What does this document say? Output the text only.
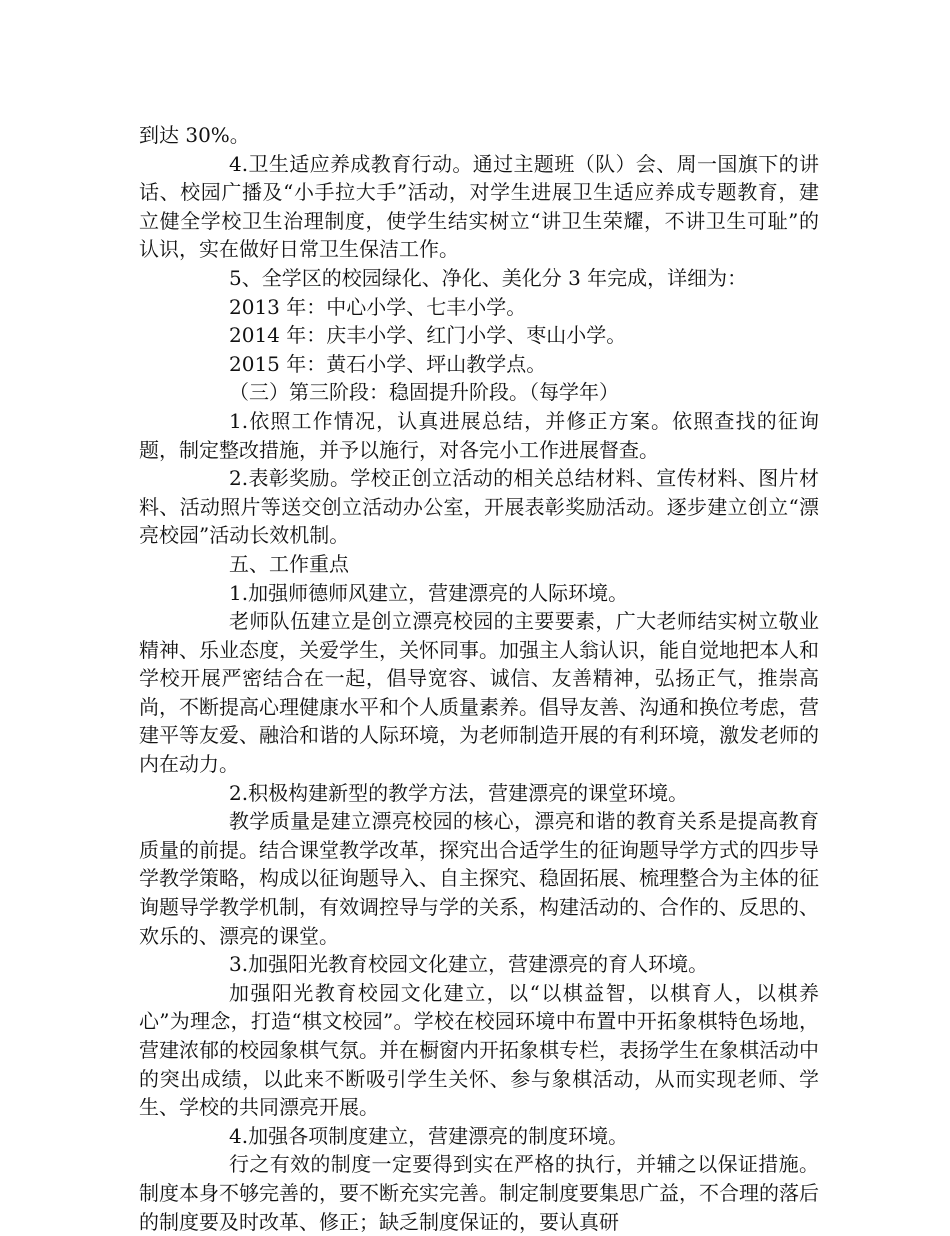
到达 30%。

4.卫生适应养成教育行动。通过主题班（队）会、周一国旗下的讲话、校园广播及“小手拉大手”活动，对学生进展卫生适应养成专题教育，建立健全学校卫生治理制度，使学生结实树立“讲卫生荣耀，不讲卫生可耻”的认识，实在做好日常卫生保洁工作。

5、全学区的校园绿化、净化、美化分 3 年完成，详细为：

2013 年：中心小学、七丰小学。

2014 年：庆丰小学、红门小学、枣山小学。

2015 年：黄石小学、坪山教学点。

（三）第三阶段：稳固提升阶段。（每学年）

1.依照工作情况，认真进展总结，并修正方案。依照查找的征询题，制定整改措施，并予以施行，对各完小工作进展督查。

2.表彰奖励。学校正创立活动的相关总结材料、宣传材料、图片材料、活动照片等送交创立活动办公室，开展表彰奖励活动。逐步建立创立“漂亮校园”活动长效机制。

五、工作重点

1.加强师德师风建立，营建漂亮的人际环境。

老师队伍建立是创立漂亮校园的主要要素，广大老师结实树立敬业精神、乐业态度，关爱学生，关怀同事。加强主人翁认识，能自觉地把本人和学校开展严密结合在一起，倡导宽容、诚信、友善精神，弘扬正气，推崇高尚，不断提高心理健康水平和个人质量素养。倡导友善、沟通和换位考虑，营建平等友爱、融洽和谐的人际环境，为老师制造开展的有利环境，激发老师的内在动力。

2.积极构建新型的教学方法，营建漂亮的课堂环境。

教学质量是建立漂亮校园的核心，漂亮和谐的教育关系是提高教育质量的前提。结合课堂教学改革，探究出合适学生的征询题导学方式的四步导学教学策略，构成以征询题导入、自主探究、稳固拓展、梳理整合为主体的征询题导学教学机制，有效调控导与学的关系，构建活动的、合作的、反思的、欢乐的、漂亮的课堂。

3.加强阳光教育校园文化建立，营建漂亮的育人环境。

加强阳光教育校园文化建立，以“以棋益智，以棋育人，以棋养心”为理念，打造“棋文校园”。学校在校园环境中布置中开拓象棋特色场地，营建浓郁的校园象棋气氛。并在橱窗内开拓象棋专栏，表扬学生在象棋活动中的突出成绩，以此来不断吸引学生关怀、参与象棋活动，从而实现老师、学生、学校的共同漂亮开展。

4.加强各项制度建立，营建漂亮的制度环境。

行之有效的制度一定要得到实在严格的执行，并辅之以保证措施。制度本身不够完善的，要不断充实完善。制定制度要集思广益，不合理的落后的制度要及时改革、修正；缺乏制度保证的，要认真研
